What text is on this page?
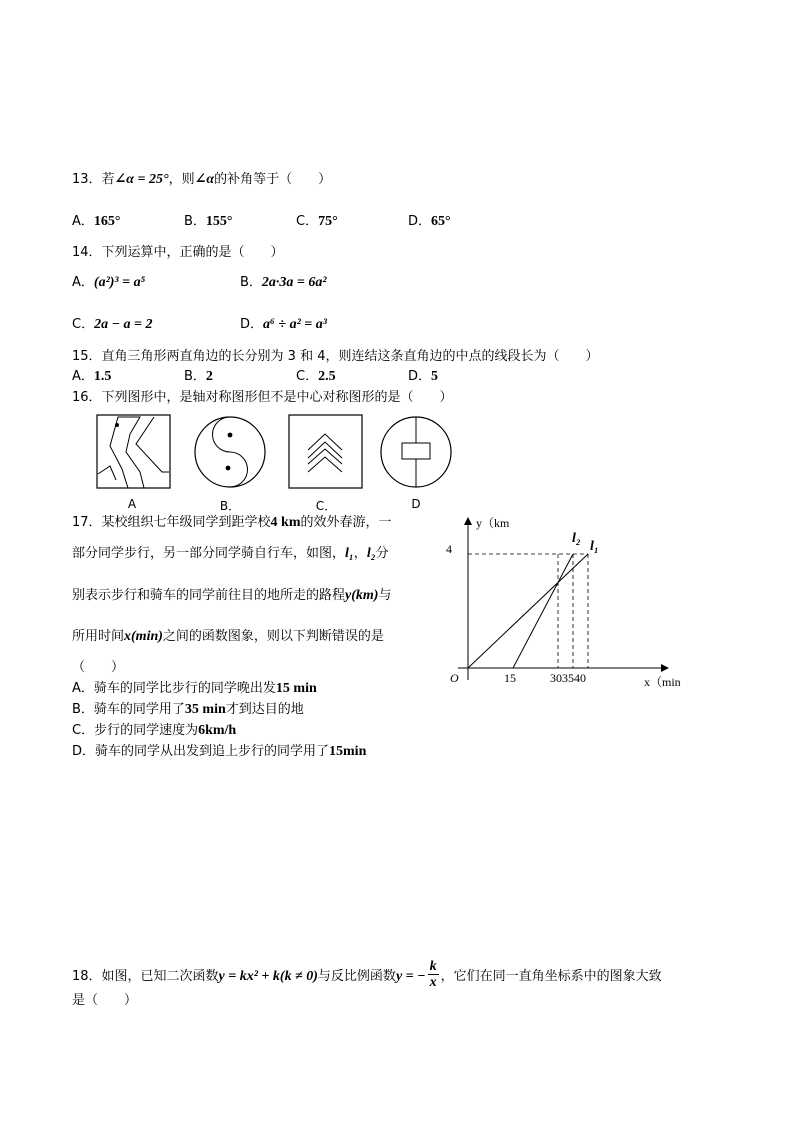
13．若∠α = 25°，则∠α的补角等于（　　）
A．165°	B．155°	C．75°	D．65°
14．下列运算中，正确的是（　　）
A．(a²)³ = a⁵	B．2a·3a = 6a²
C．2a − a = 2	D．a⁶ ÷ a² = a³
15．直角三角形两直角边的长分别为 3 和 4，则连结这条直角边的中点的线段长为（　　）
A．1.5	B．2	C．2.5	D．5
16．下列图形中，是轴对称图形但不是中心对称图形的是（　　）
A	B．	C．	D
17．某校组织七年级同学到距学校4 km的效外春游，一
部分同学步行，另一部分同学骑自行车，如图，l₁，l₂分
别表示步行和骑车的同学前往目的地所走的路程y(km)与
所用时间x(min)之间的函数图象，则以下判断错误的是
（　　）
A．骑车的同学比步行的同学晚出发15 min
B．骑车的同学用了35 min才到达目的地
C．步行的同学速度为6km/h
D．骑车的同学从出发到追上步行的同学用了15min
y（km
x（min
4
O	15	303540
l₂
l₁
18．如图，已知二次函数y = kx² + k(k ≠ 0)与反比例函数y = − $\frac{k}{x}$ ，它们在同一直角坐标系中的图象大致
是（　　）
